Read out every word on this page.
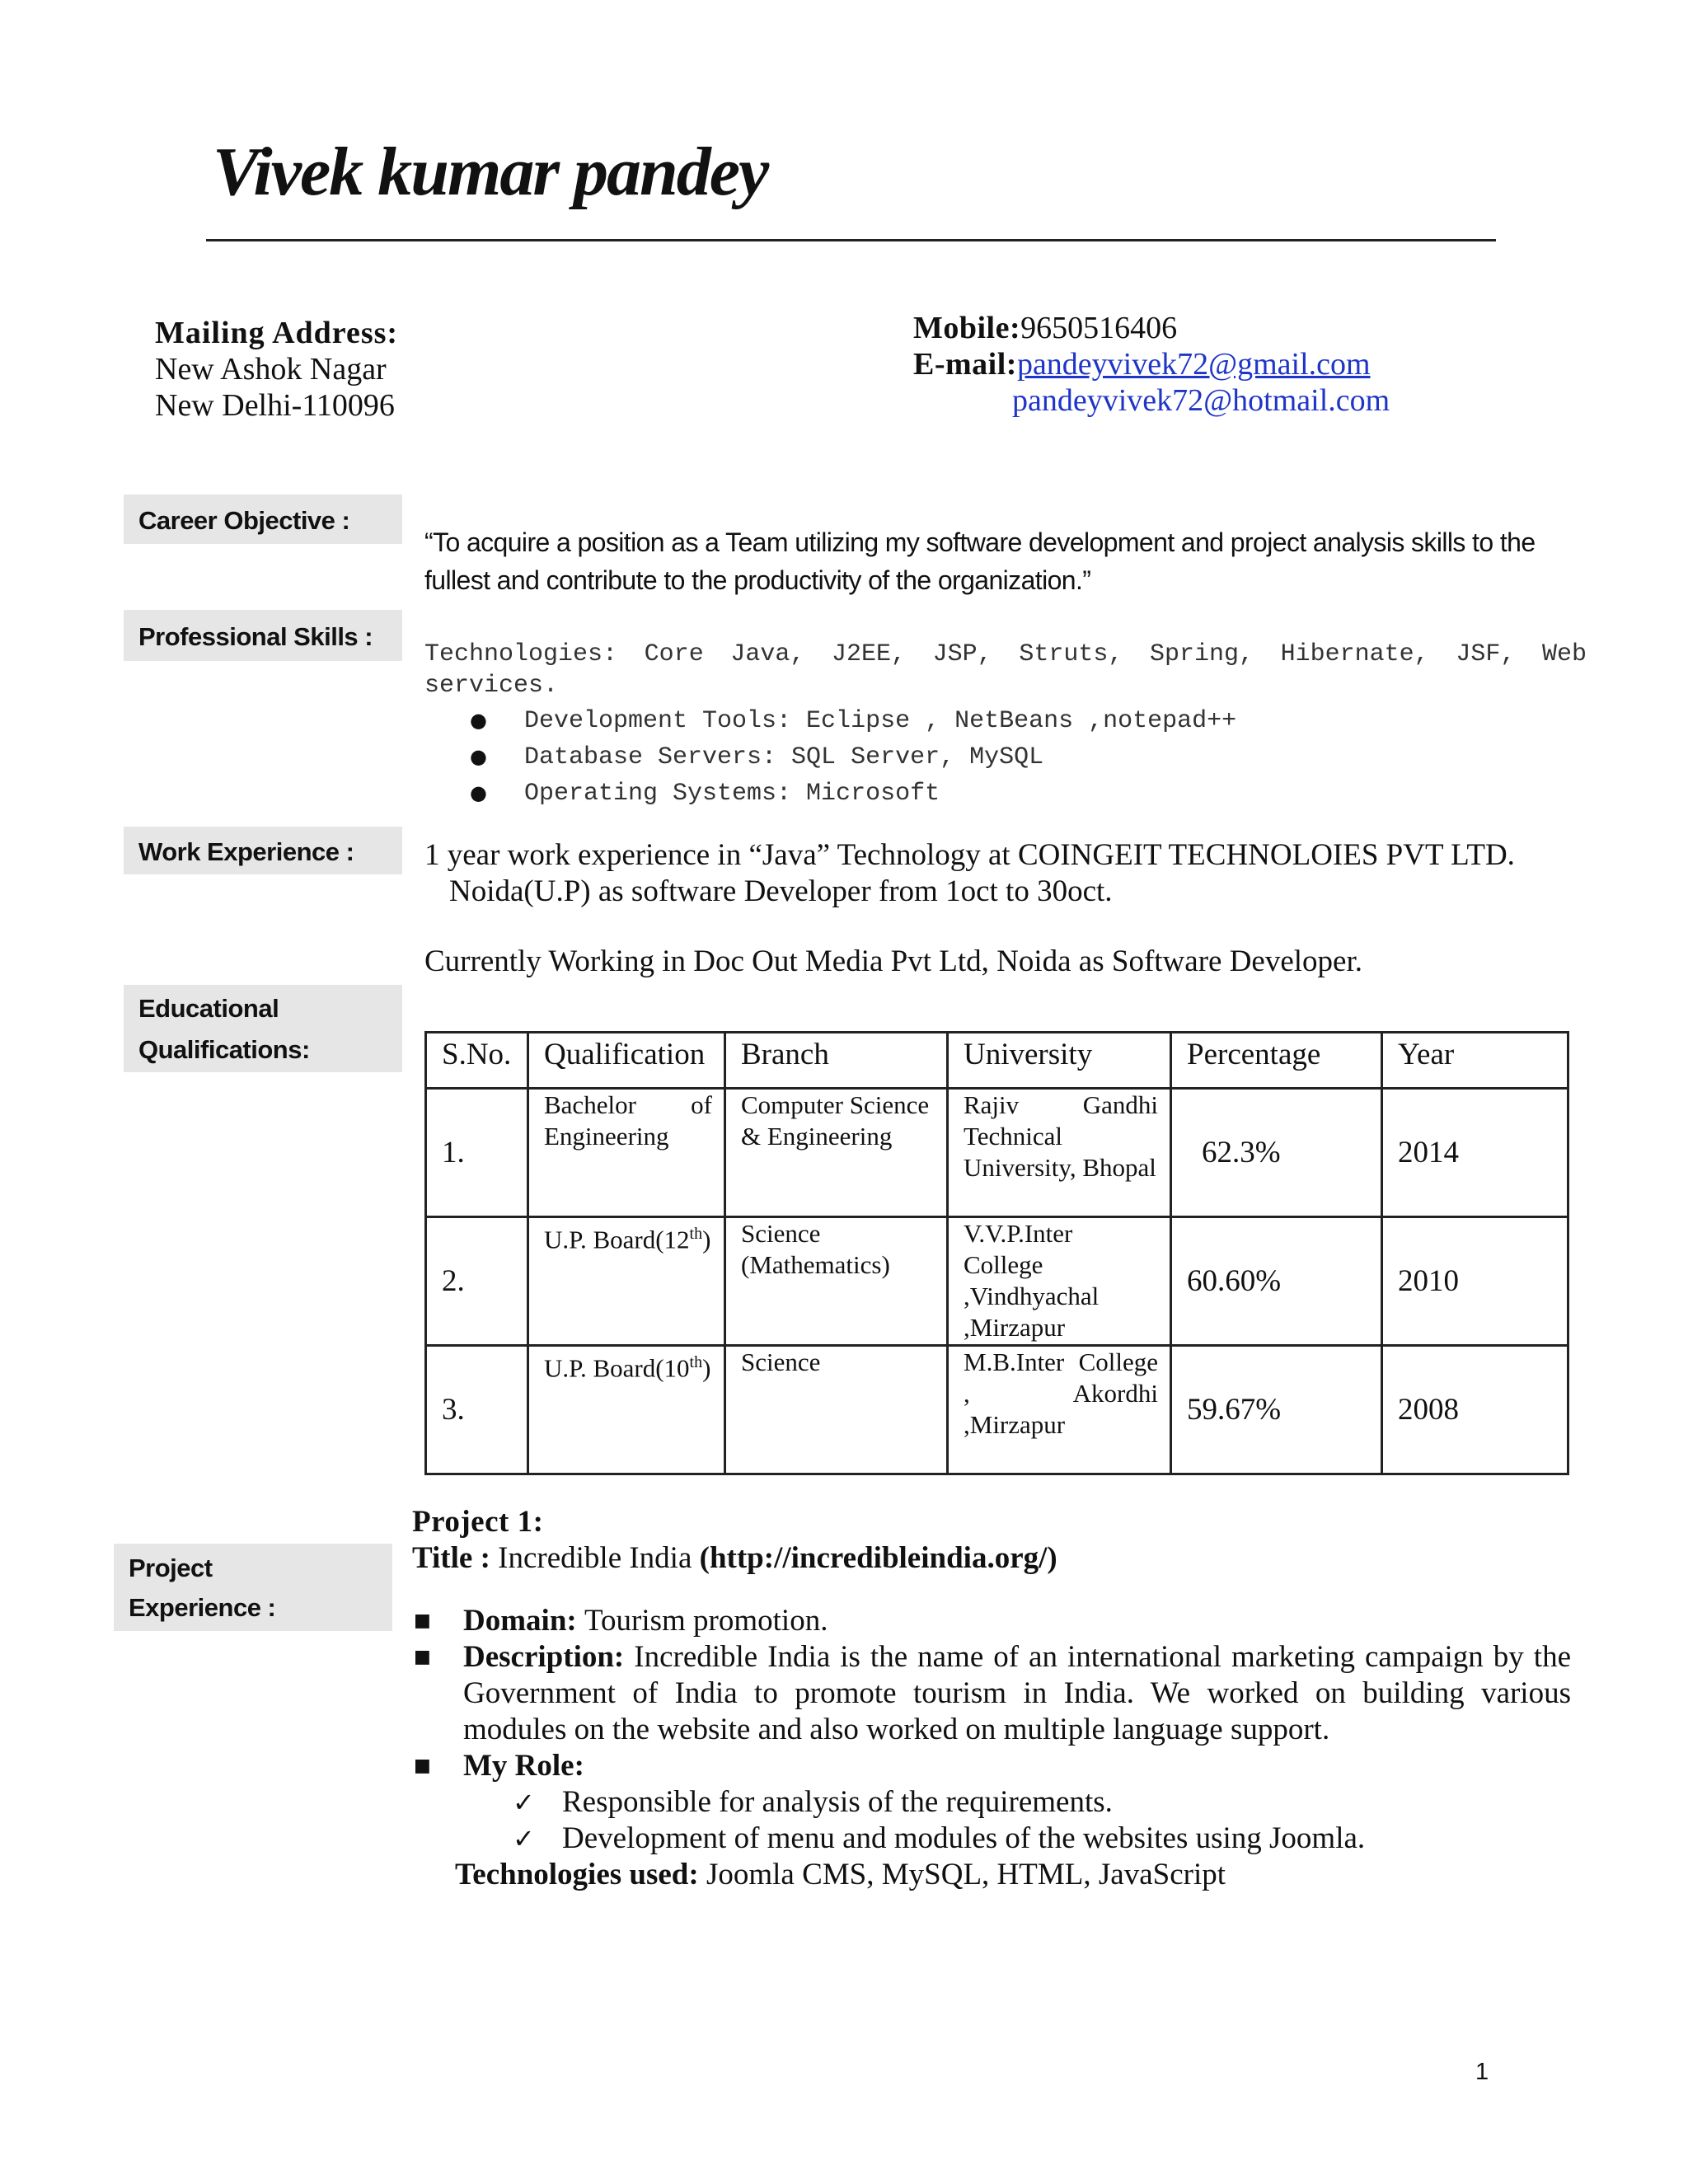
Vivek kumar pandey
Mailing Address:
New Ashok Nagar
New Delhi-110096
Mobile:9650516406
E-mail:pandeyvivek72@gmail.com
pandeyvivek72@hotmail.com
Career Objective :
Professional Skills :
Work Experience :
Educational
Qualifications:
Project
Experience :
“To acquire a position as a Team utilizing my software development and project analysis skills to the fullest and contribute to the productivity of the organization.”
Technologies: Core Java, J2EE, JSP, Struts, Spring, Hibernate, JSF, Web services.
● Development Tools: Eclipse , NetBeans ,notepad++
● Database Servers: SQL Server, MySQL
● Operating Systems: Microsoft
1 year work experience in “Java” Technology at COINGEIT TECHNOLOIES PVT LTD.
Noida(U.P) as software Developer from 1oct to 30oct.
Currently Working in Doc Out Media Pvt Ltd, Noida as Software Developer.
S.No.	Qualification	Branch	University	Percentage	Year
1.	Bachelor of Engineering	Computer Science & Engineering	Rajiv Gandhi Technical University, Bhopal	62.3%	2014
2.	U.P. Board(12th)	Science (Mathematics)	V.V.P.Inter College ,Vindhyachal ,Mirzapur	60.60%	2010
3.	U.P. Board(10th)	Science	M.B.Inter College , Akordhi ,Mirzapur	59.67%	2008
Project 1:
Title : Incredible India (http://incredibleindia.org/)
■ Domain: Tourism promotion.
■ Description: Incredible India is the name of an international marketing campaign by the Government of India to promote tourism in India. We worked on building various modules on the website and also worked on multiple language support.
■ My Role:
✓ Responsible for analysis of the requirements.
✓ Development of menu and modules of the websites using Joomla.
Technologies used: Joomla CMS, MySQL, HTML, JavaScript
1
